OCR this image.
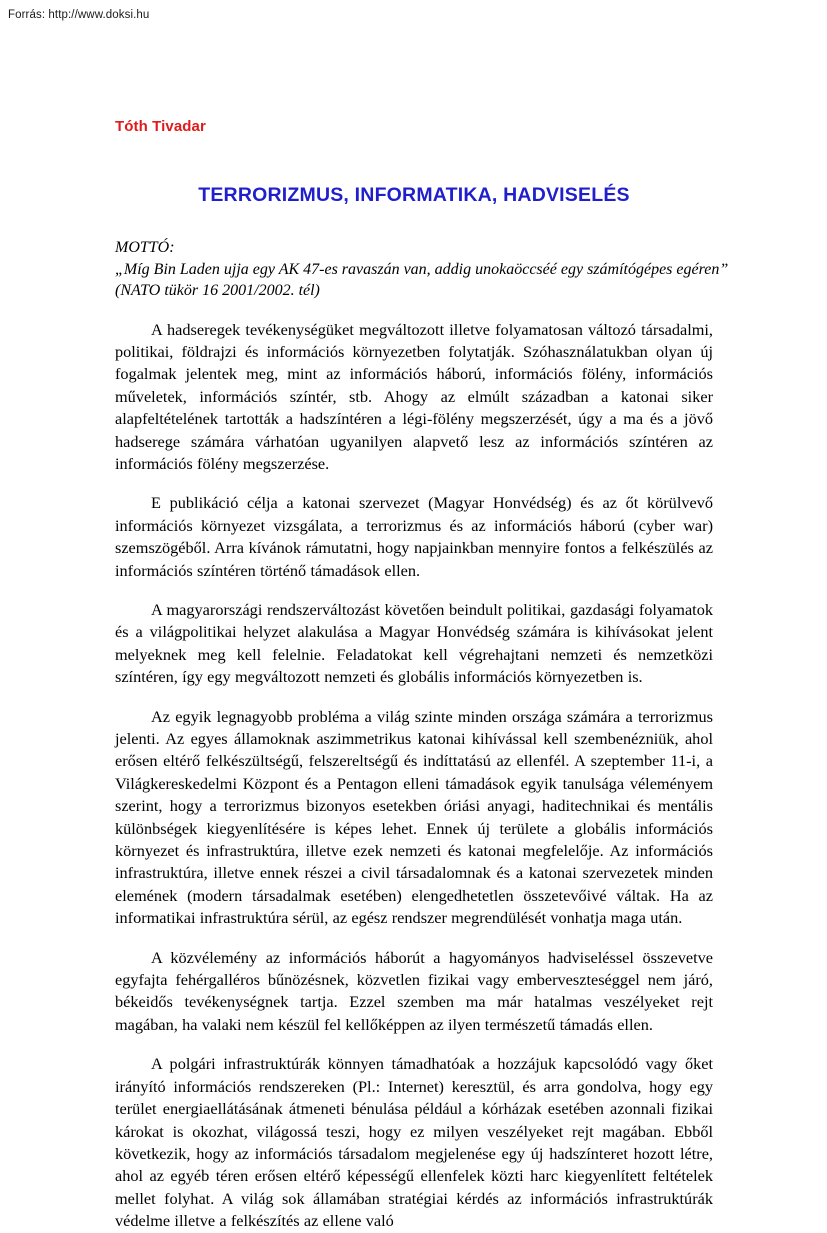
Forrás: http://www.doksi.hu
Tóth Tivadar
TERRORIZMUS, INFORMATIKA, HADVISELÉS
MOTTÓ:
„Míg Bin Laden ujja egy AK 47-es ravaszán van, addig unokaöccséé egy számítógépes egéren”
(NATO tükör 16 2001/2002. tél)

A hadseregek tevékenységüket megváltozott illetve folyamatosan változó társadalmi, politikai, földrajzi és információs környezetben folytatják. Szóhasználatukban olyan új fogalmak jelentek meg, mint az információs háború, információs fölény, információs műveletek, információs színtér, stb. Ahogy az elmúlt században a katonai siker alapfeltételének tartották a hadszíntéren a légi-fölény megszerzését, úgy a ma és a jövő hadserege számára várhatóan ugyanilyen alapvető lesz az információs színtéren az információs fölény megszerzése.

E publikáció célja a katonai szervezet (Magyar Honvédség) és az őt körülvevő információs környezet vizsgálata, a terrorizmus és az információs háború (cyber war) szemszögéből. Arra kívánok rámutatni, hogy napjainkban mennyire fontos a felkészülés az információs színtéren történő támadások ellen.

A magyarországi rendszerváltozást követően beindult politikai, gazdasági folyamatok és a világpolitikai helyzet alakulása a Magyar Honvédség számára is kihívásokat jelent melyeknek meg kell felelnie. Feladatokat kell végrehajtani nemzeti és nemzetközi színtéren, így egy megváltozott nemzeti és globális információs környezetben is.

Az egyik legnagyobb probléma a világ szinte minden országa számára a terrorizmus jelenti. Az egyes államoknak aszimmetrikus katonai kihívással kell szembenézniük, ahol erősen eltérő felkészültségű, felszereltségű és indíttatású az ellenfél. A szeptember 11-i, a Világkereskedelmi Központ és a Pentagon elleni támadások egyik tanulsága véleményem szerint, hogy a terrorizmus bizonyos esetekben óriási anyagi, haditechnikai és mentális különbségek kiegyenlítésére is képes lehet. Ennek új területe a globális információs környezet és infrastruktúra, illetve ezek nemzeti és katonai megfelelője. Az információs infrastruktúra, illetve ennek részei a civil társadalomnak és a katonai szervezetek minden elemének (modern társadalmak esetében) elengedhetetlen összetevőivé váltak. Ha az informatikai infrastruktúra sérül, az egész rendszer megrendülését vonhatja maga után.

A közvélemény az információs háborút a hagyományos hadviseléssel összevetve egyfajta fehérgalléros bűnözésnek, közvetlen fizikai vagy emberveszteséggel nem járó, békeidős tevékenységnek tartja. Ezzel szemben ma már hatalmas veszélyeket rejt magában, ha valaki nem készül fel kellőképpen az ilyen természetű támadás ellen.

A polgári infrastruktúrák könnyen támadhatóak a hozzájuk kapcsolódó vagy őket irányító információs rendszereken (Pl.: Internet) keresztül, és arra gondolva, hogy egy terület energiaellátásának átmeneti bénulása például a kórházak esetében azonnali fizikai károkat is okozhat, világossá teszi, hogy ez milyen veszélyeket rejt magában. Ebből következik, hogy az információs társadalom megjelenése egy új hadszínteret hozott létre, ahol az egyéb téren erősen eltérő képességű ellenfelek közti harc kiegyenlített feltételek mellet folyhat. A világ sok államában stratégiai kérdés az információs infrastruktúrák védelme illetve a felkészítés az ellene való
